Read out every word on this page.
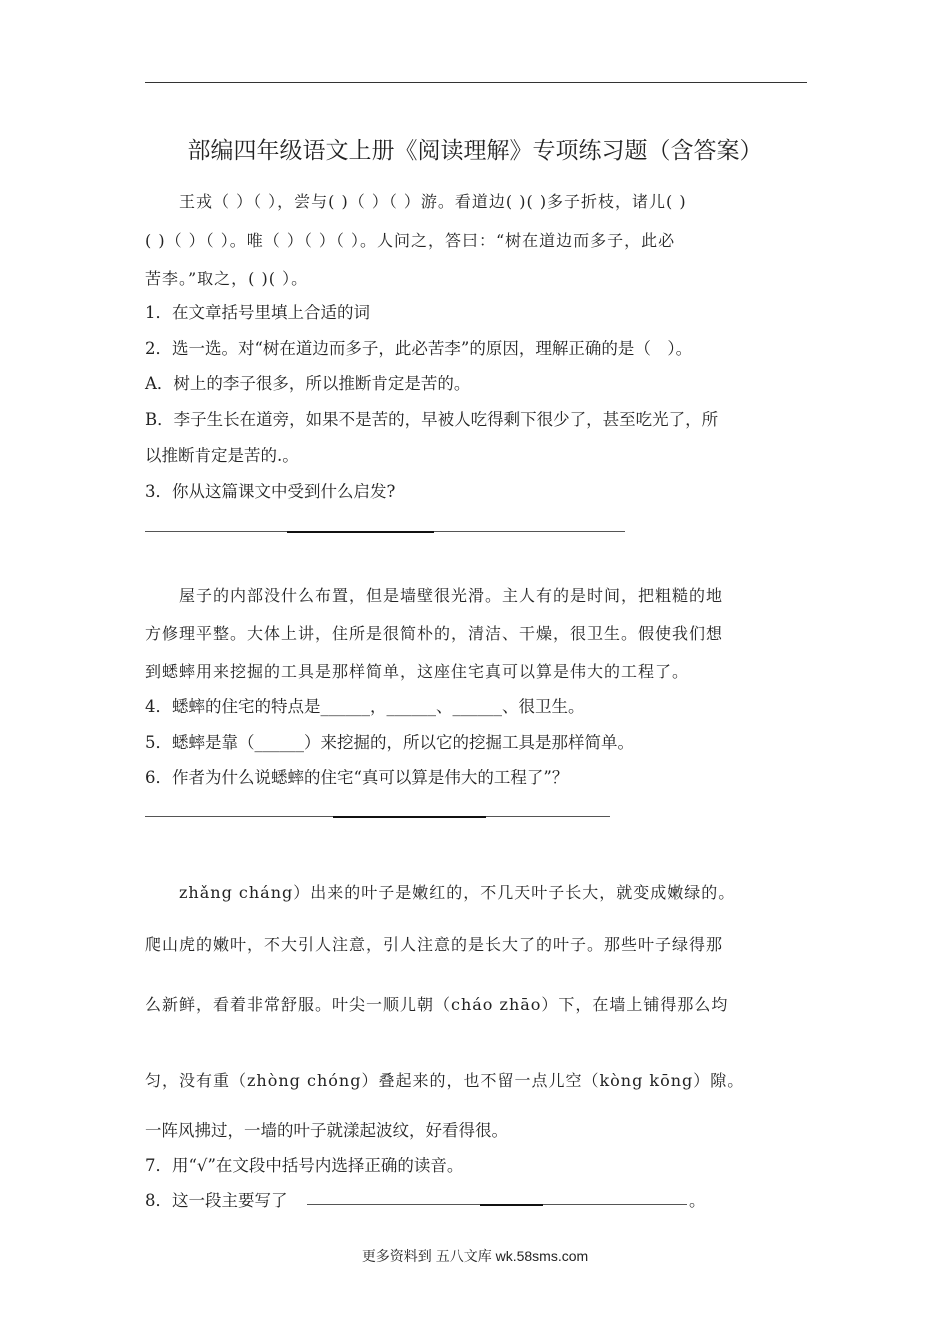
部编四年级语文上册《阅读理解》专项练习题（含答案）
　　王戎（ ）（ ），尝与( )（ ）（ ）游。看道边( )( )多子折枝，诸儿( )
( )（ ）（ ）。唯（ ）（ ）（ ）。人问之，答曰：“树在道边而多子，此必
苦李。”取之，( )( ）。
1．在文章括号里填上合适的词
2．选一选。对“树在道边而多子，此必苦李”的原因，理解正确的是（　）。
A．树上的李子很多，所以推断肯定是苦的。
B．李子生长在道旁，如果不是苦的，早被人吃得剩下很少了，甚至吃光了，所
以推断肯定是苦的.。
3．你从这篇课文中受到什么启发?
　　屋子的内部没什么布置，但是墙壁很光滑。主人有的是时间，把粗糙的地
方修理平整。大体上讲，住所是很简朴的，清洁、干燥，很卫生。假使我们想
到蟋蟀用来挖掘的工具是那样简单，这座住宅真可以算是伟大的工程了。
4．蟋蟀的住宅的特点是______，______、______、很卫生。
5．蟋蟀是靠（______）来挖掘的，所以它的挖掘工具是那样简单。
6．作者为什么说蟋蟀的住宅“真可以算是伟大的工程了”？
　　zhǎng cháng）出来的叶子是嫩红的，不几天叶子长大，就变成嫩绿的。
爬山虎的嫩叶，不大引人注意，引人注意的是长大了的叶子。那些叶子绿得那
么新鲜，看着非常舒服。叶尖一顺儿朝（cháo zhāo）下，在墙上铺得那么均
匀，没有重（zhòng chóng）叠起来的，也不留一点儿空（kòng kōng）隙。
一阵风拂过，一墙的叶子就漾起波纹，好看得很。
7．用“√”在文段中括号内选择正确的读音。
8．这一段主要写了	。
更多资料到 五八文库 wk.58sms.com
